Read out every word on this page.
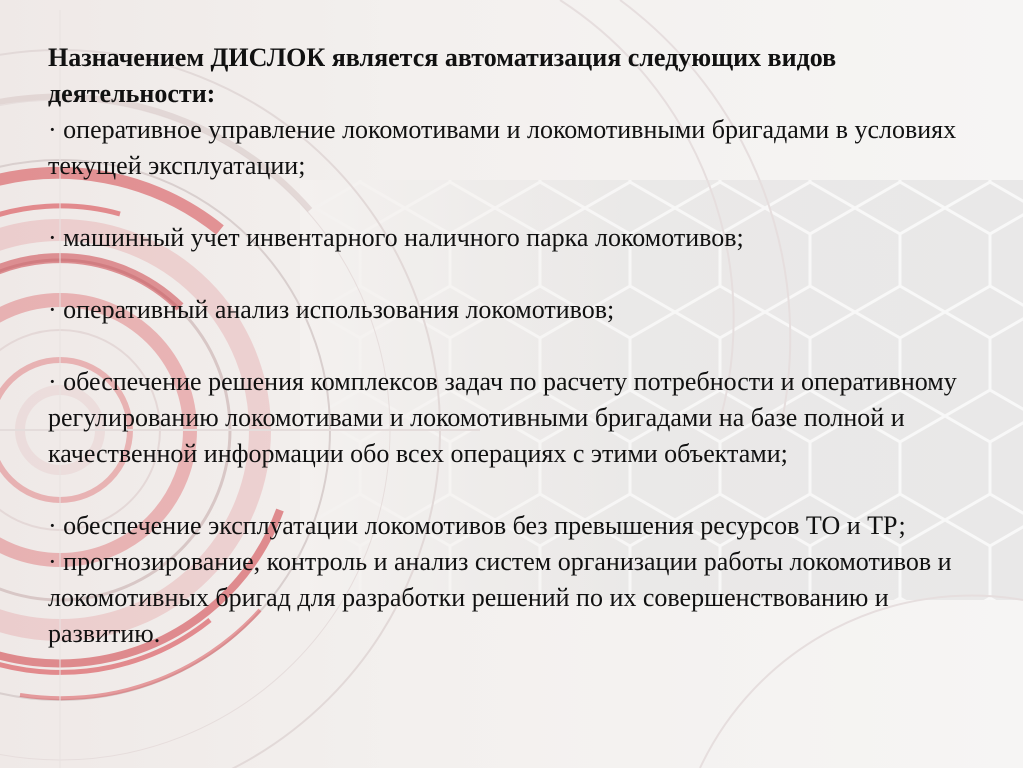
Назначением ДИСЛОК является автоматизация следующих видов деятельности:

· оперативное управление локомотивами и локомотивными бригадами в условиях текущей эксплуатации;

· машинный учет инвентарного наличного парка локомотивов;

· оперативный анализ использования локомотивов;

· обеспечение решения комплексов задач по расчету потребности и оперативному регулированию локомотивами и локомотивными бригадами на базе полной и качественной информации обо всех операциях с этими объектами;

· обеспечение эксплуатации локомотивов без превышения ресурсов ТО и ТР;

· прогнозирование, контроль и анализ систем организации работы локомотивов и локомотивных бригад для разработки решений по их совершенствованию и развитию.
